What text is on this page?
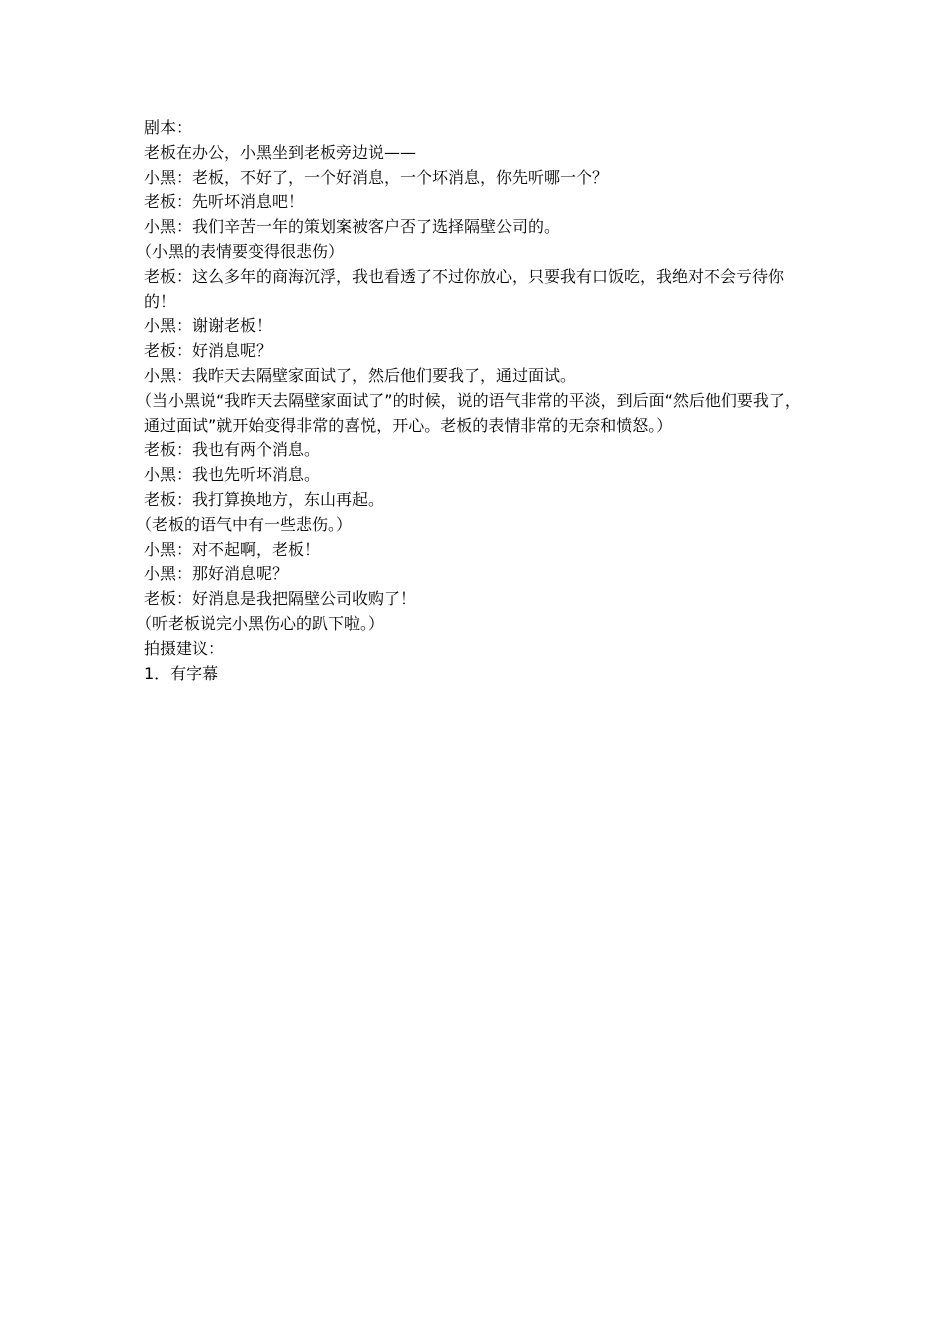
剧本：

老板在办公，小黑坐到老板旁边说——

小黑：老板，不好了，一个好消息，一个坏消息，你先听哪一个？

老板：先听坏消息吧！

小黑：我们辛苦一年的策划案被客户否了选择隔壁公司的。

（小黑的表情要变得很悲伤）

老板：这么多年的商海沉浮，我也看透了不过你放心，只要我有口饭吃，我绝对不会亏待你的！

小黑：谢谢老板！

老板：好消息呢？

小黑：我昨天去隔壁家面试了，然后他们要我了，通过面试。

（当小黑说“我昨天去隔壁家面试了”的时候，说的语气非常的平淡，到后面“然后他们要我了，通过面试”就开始变得非常的喜悦，开心。老板的表情非常的无奈和愤怒。）

老板：我也有两个消息。

小黑：我也先听坏消息。

老板：我打算换地方，东山再起。

（老板的语气中有一些悲伤。）

小黑：对不起啊，老板！

小黑：那好消息呢？

老板：好消息是我把隔壁公司收购了！

（听老板说完小黑伤心的趴下啦。）

拍摄建议：

1．有字幕
